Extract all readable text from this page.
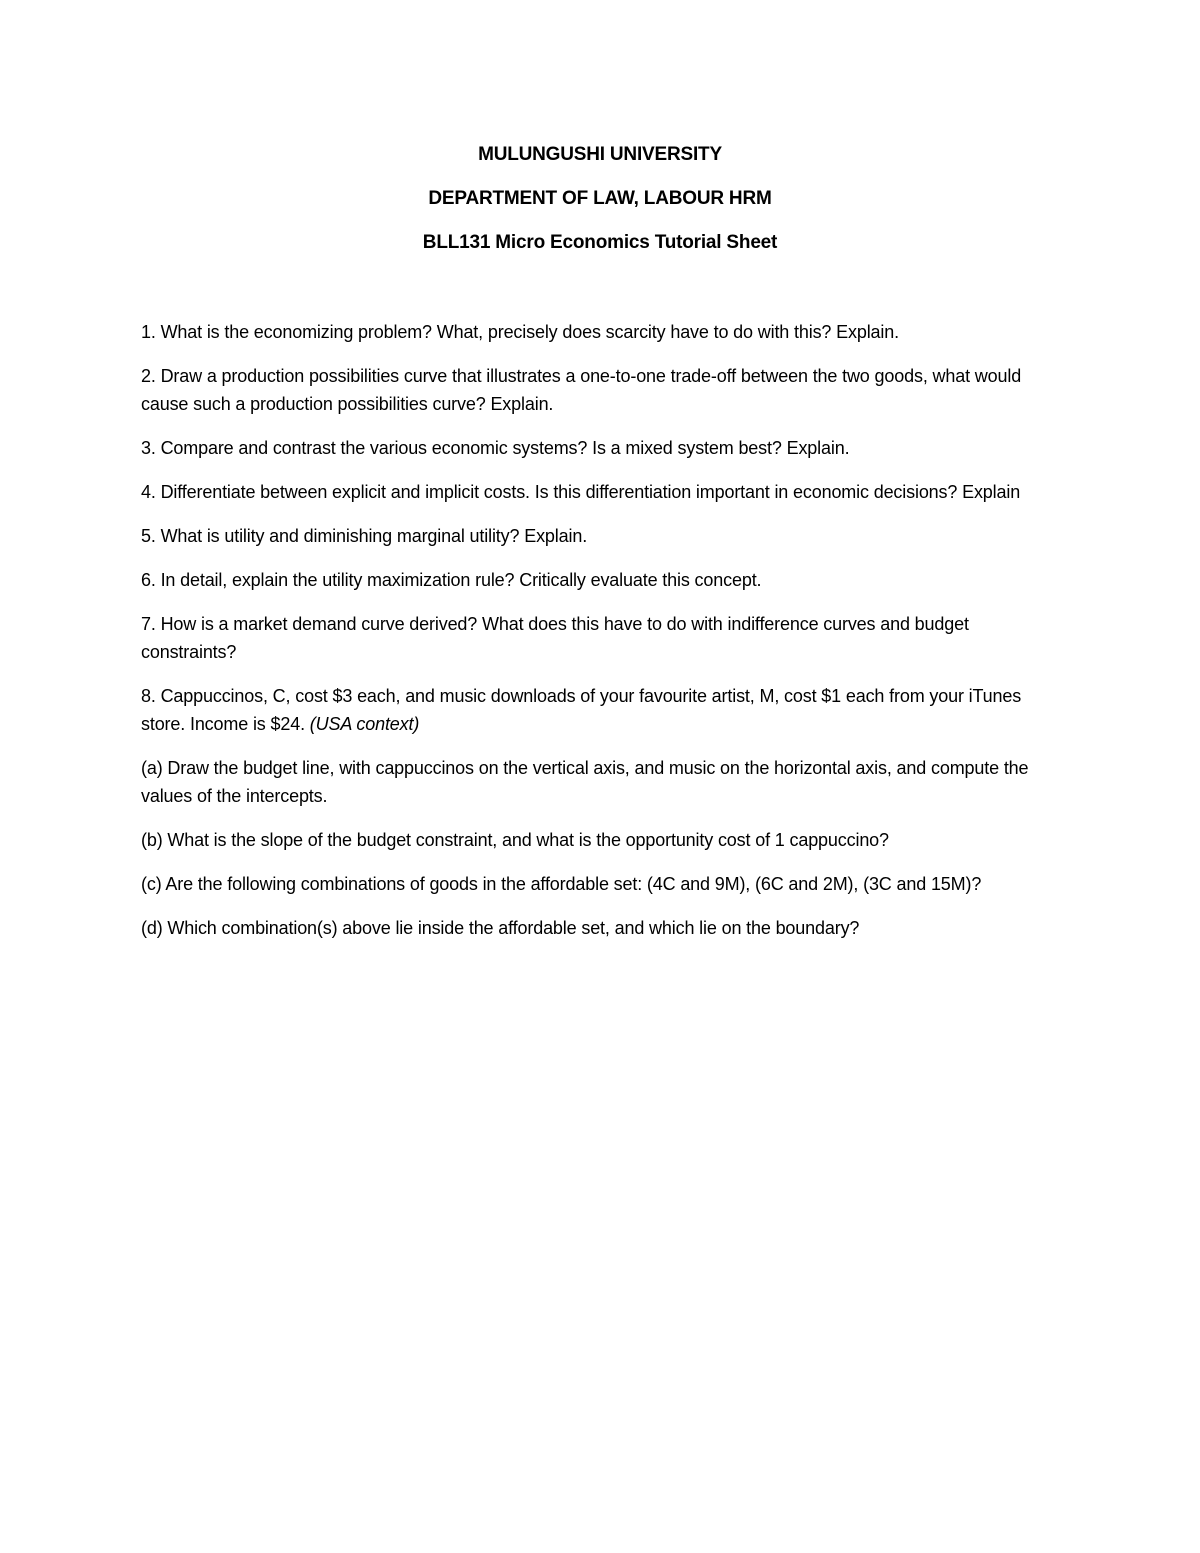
MULUNGUSHI UNIVERSITY
DEPARTMENT OF LAW, LABOUR HRM
BLL131 Micro Economics Tutorial Sheet

1. What is the economizing problem? What, precisely does scarcity have to do with this? Explain.

2. Draw a production possibilities curve that illustrates a one-to-one trade-off between the two goods, what would cause such a production possibilities curve? Explain.

3. Compare and contrast the various economic systems? Is a mixed system best? Explain.

4. Differentiate between explicit and implicit costs. Is this differentiation important in economic decisions? Explain

5. What is utility and diminishing marginal utility? Explain.

6. In detail, explain the utility maximization rule? Critically evaluate this concept.

7. How is a market demand curve derived? What does this have to do with indifference curves and budget constraints?

8. Cappuccinos, C, cost $3 each, and music downloads of your favourite artist, M, cost $1 each from your iTunes store. Income is $24. (USA context)

(a) Draw the budget line, with cappuccinos on the vertical axis, and music on the horizontal axis, and compute the values of the intercepts.

(b) What is the slope of the budget constraint, and what is the opportunity cost of 1 cappuccino?

(c) Are the following combinations of goods in the affordable set: (4C and 9M), (6C and 2M), (3C and 15M)?

(d) Which combination(s) above lie inside the affordable set, and which lie on the boundary?
